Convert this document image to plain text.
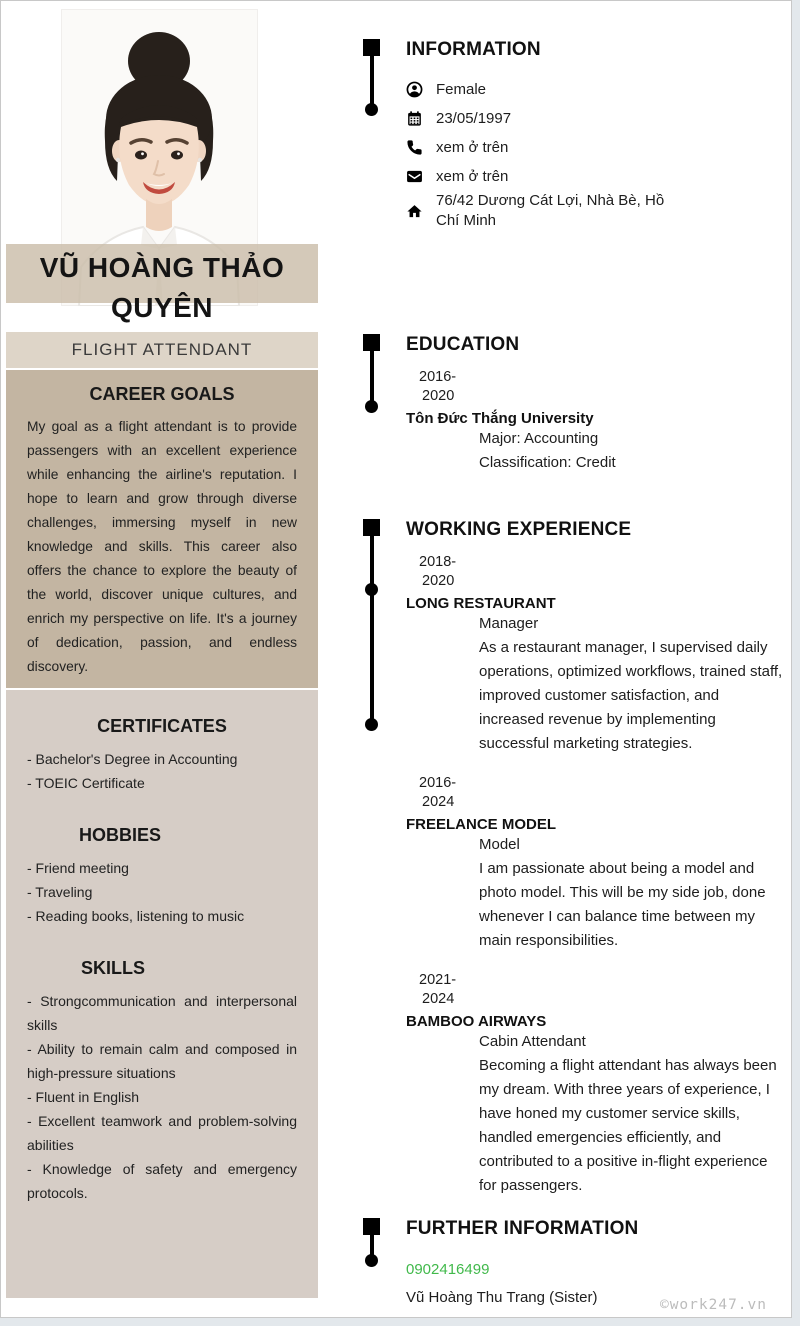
VŨ HOÀNG THẢO
QUYÊN
FLIGHT ATTENDANT
CAREER GOALS
My goal as a flight attendant is to provide passengers with an excellent experience while enhancing the airline's reputation. I hope to learn and grow through diverse challenges, immersing myself in new knowledge and skills. This career also offers the chance to explore the beauty of the world, discover unique cultures, and enrich my perspective on life. It's a journey of dedication, passion, and endless discovery.
CERTIFICATES
- Bachelor's Degree in Accounting
- TOEIC Certificate
HOBBIES
- Friend meeting
- Traveling
- Reading books, listening to music
SKILLS
- Strongcommunication and interpersonal skills
- Ability to remain calm and composed in high-pressure situations
- Fluent in English
- Excellent teamwork and problem-solving abilities
- Knowledge of safety and emergency protocols.
INFORMATION
Female
23/05/1997
xem ở trên
xem ở trên
76/42 Dương Cát Lợi, Nhà Bè, Hồ Chí Minh
EDUCATION
2016-
2020
Tôn Đức Thắng University
Major: Accounting
Classification: Credit
WORKING EXPERIENCE
2018-
2020
LONG RESTAURANT
Manager
As a restaurant manager, I supervised daily operations, optimized workflows, trained staff, improved customer satisfaction, and increased revenue by implementing successful marketing strategies.
2016-
2024
FREELANCE MODEL
Model
I am passionate about being a model and photo model. This will be my side job, done whenever I can balance time between my main responsibilities.
2021-
2024
BAMBOO AIRWAYS
Cabin Attendant
Becoming a flight attendant has always been my dream. With three years of experience, I have honed my customer service skills, handled emergencies efficiently, and contributed to a positive in-flight experience for passengers.
FURTHER INFORMATION
0902416499
Vũ Hoàng Thu Trang (Sister)	©work247.vn
